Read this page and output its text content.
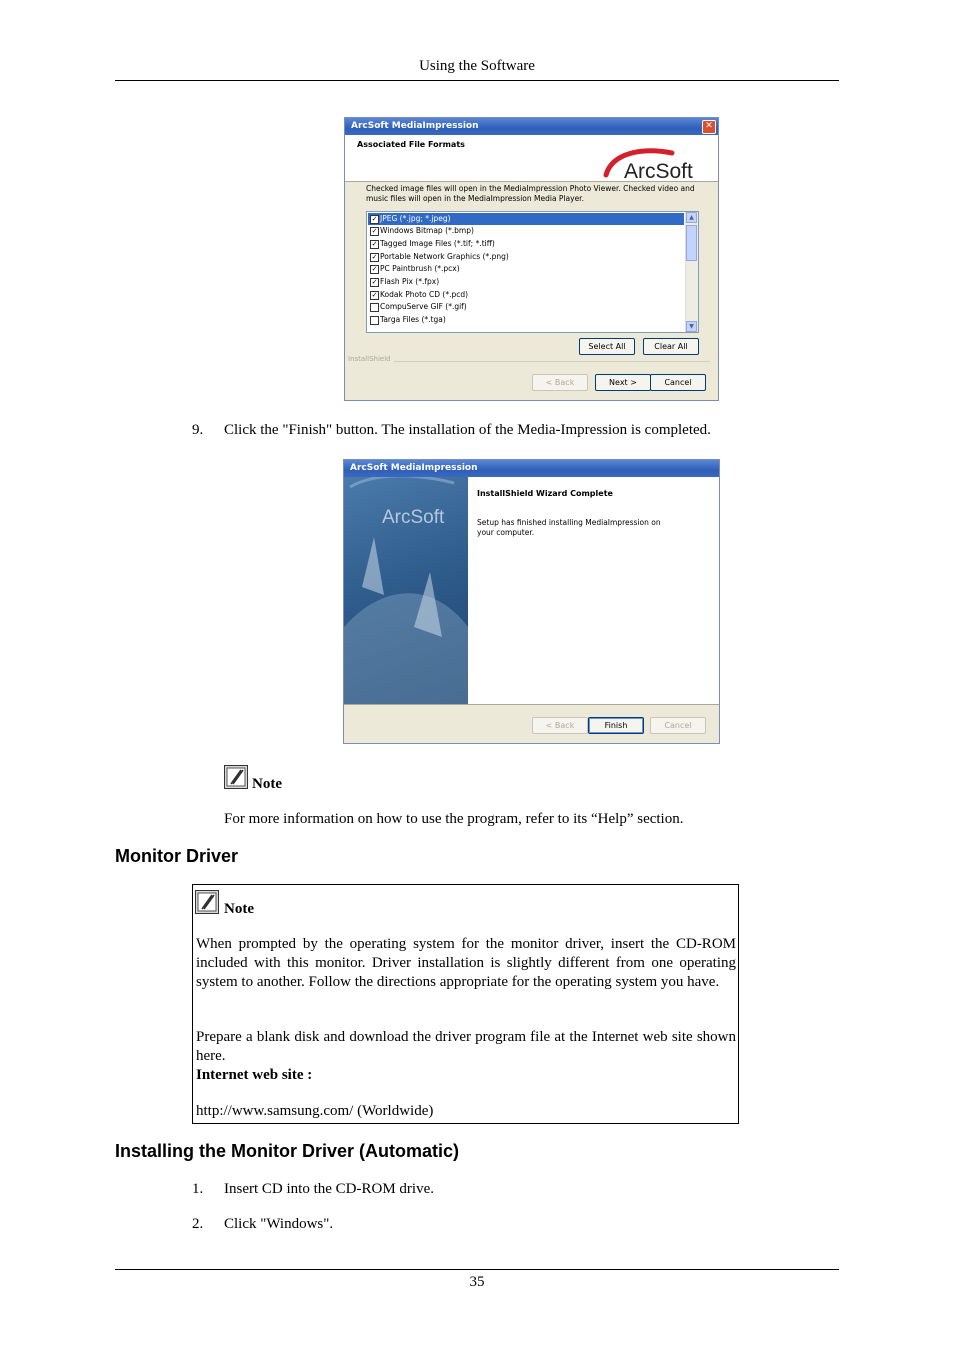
Using the Software
ArcSoft MediaImpression	✕
Associated File Formats
ArcSoft
Checked image files will open in the MediaImpression Photo Viewer. Checked video and music files will open in the MediaImpression Media Player.
✓ JPEG (*.jpg; *.jpeg)
✓ Windows Bitmap (*.bmp)
✓ Tagged Image Files (*.tif; *.tiff)
✓ Portable Network Graphics (*.png)
✓ PC Paintbrush (*.pcx)
✓ Flash Pix (*.fpx)
✓ Kodak Photo CD (*.pcd)
CompuServe GIF (*.gif)
Targa Files (*.tga)
▲
▼
Select All	Clear All
InstallShield
< Back	Next >	Cancel
9. Click the "Finish" button. The installation of the Media-Impression is completed.
ArcSoft MediaImpression
ArcSoft
InstallShield Wizard Complete
Setup has finished installing MediaImpression on your computer.
< Back	Finish	Cancel
Note
For more information on how to use the program, refer to its “Help” section.
Monitor Driver
Note
When prompted by the operating system for the monitor driver, insert the CD-ROM included with this monitor. Driver installation is slightly different from one operating system to another. Follow the directions appropriate for the operating system you have.
Prepare a blank disk and download the driver program file at the Internet web site shown here.
Internet web site :
http://www.samsung.com/ (Worldwide)
Installing the Monitor Driver (Automatic)
1. Insert CD into the CD-ROM drive.
2. Click "Windows".
35
